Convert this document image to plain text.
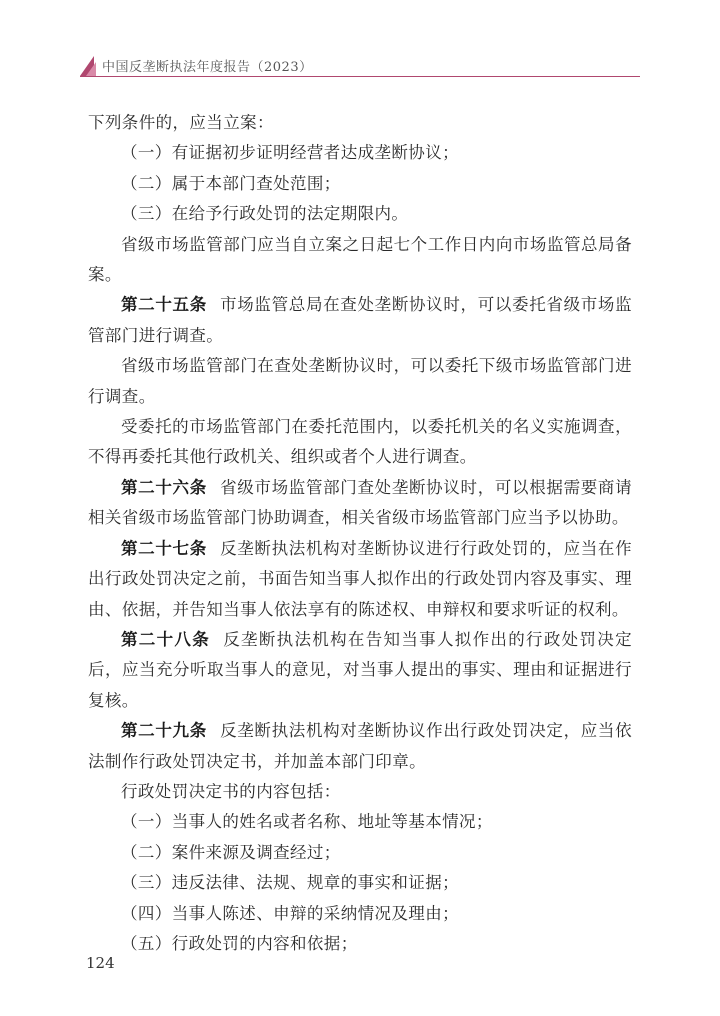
中国反垄断执法年度报告（2023）

下列条件的，应当立案：

（一）有证据初步证明经营者达成垄断协议；

（二）属于本部门查处范围；

（三）在给予行政处罚的法定期限内。

省级市场监管部门应当自立案之日起七个工作日内向市场监管总局备案。

第二十五条 市场监管总局在查处垄断协议时，可以委托省级市场监管部门进行调查。

省级市场监管部门在查处垄断协议时，可以委托下级市场监管部门进行调查。

受委托的市场监管部门在委托范围内，以委托机关的名义实施调查，不得再委托其他行政机关、组织或者个人进行调查。

第二十六条 省级市场监管部门查处垄断协议时，可以根据需要商请相关省级市场监管部门协助调查，相关省级市场监管部门应当予以协助。

第二十七条 反垄断执法机构对垄断协议进行行政处罚的，应当在作出行政处罚决定之前，书面告知当事人拟作出的行政处罚内容及事实、理由、依据，并告知当事人依法享有的陈述权、申辩权和要求听证的权利。

第二十八条 反垄断执法机构在告知当事人拟作出的行政处罚决定后，应当充分听取当事人的意见，对当事人提出的事实、理由和证据进行复核。

第二十九条 反垄断执法机构对垄断协议作出行政处罚决定，应当依法制作行政处罚决定书，并加盖本部门印章。

行政处罚决定书的内容包括：

（一）当事人的姓名或者名称、地址等基本情况；

（二）案件来源及调查经过；

（三）违反法律、法规、规章的事实和证据；

（四）当事人陈述、申辩的采纳情况及理由；

（五）行政处罚的内容和依据；

124
